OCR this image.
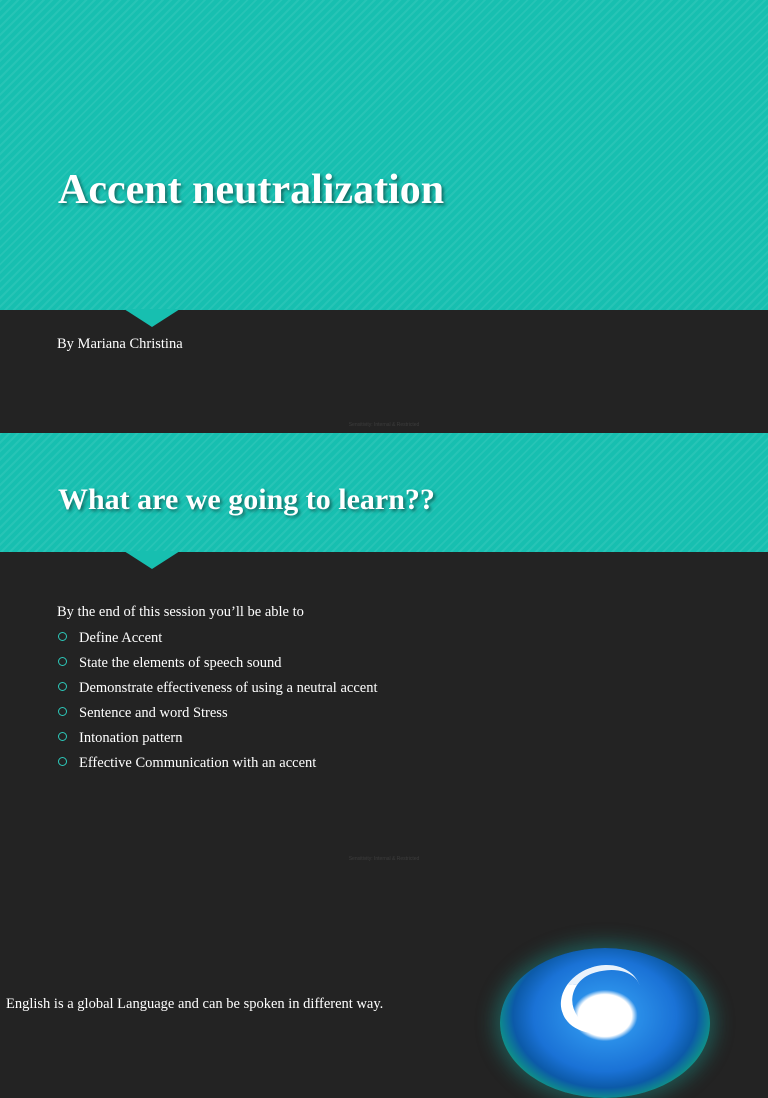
Accent neutralization

By Mariana Christina

Sensitivity: Internal & Restricted
What are we going to learn??
Sensitivity: Internal & Restricted

By the end of this session you’ll be able to

Define Accent
State the elements of speech sound
Demonstrate effectiveness of using a neutral accent
Sentence and word Stress
Intonation pattern
Effective Communication with an accent

English is a global Language and can be spoken in different way.
